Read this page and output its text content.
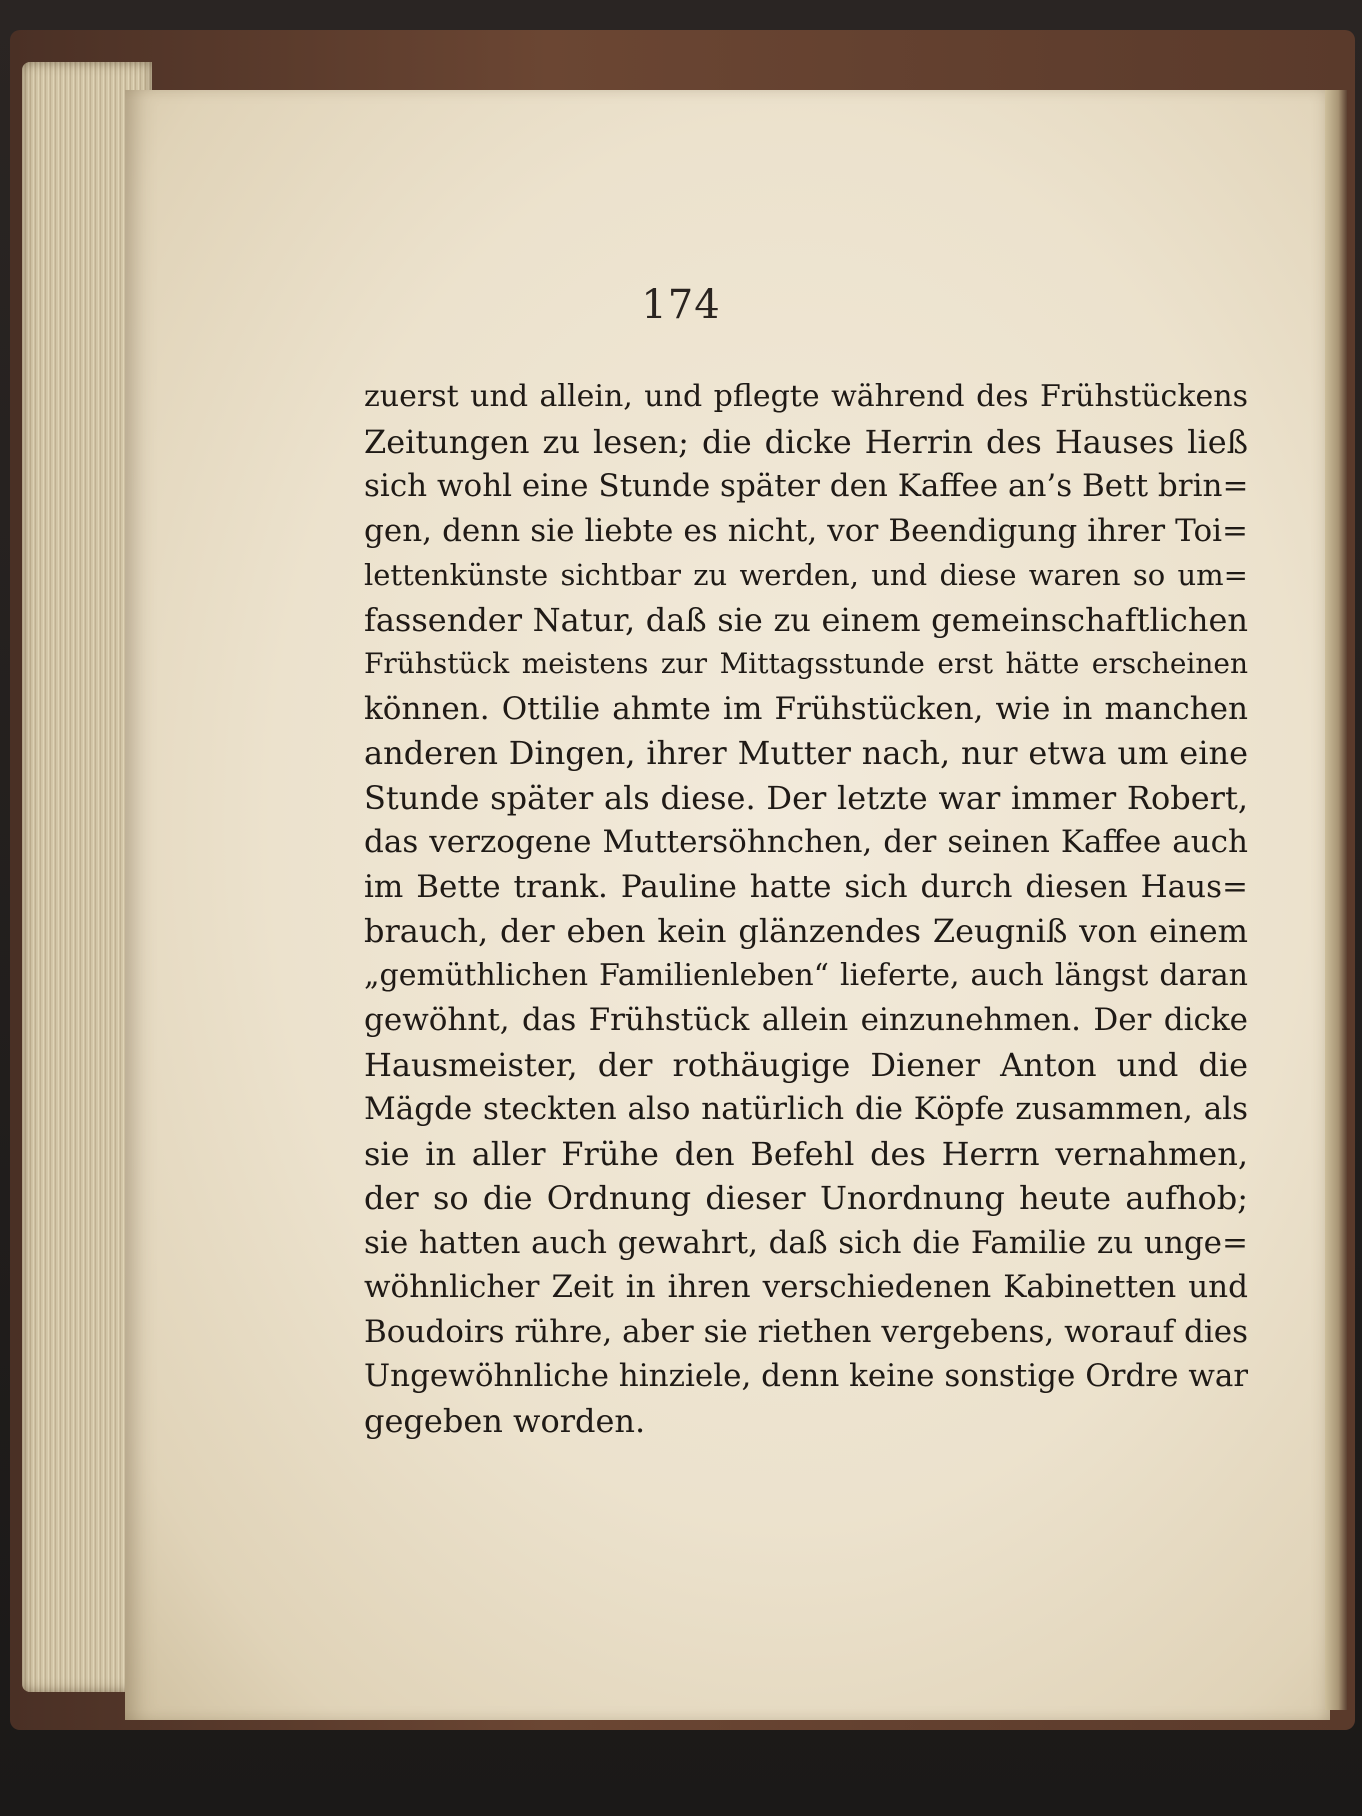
174
zuerst und allein, und pflegte während des Frühstückens
Zeitungen zu lesen; die dicke Herrin des Hauses ließ
sich wohl eine Stunde später den Kaffee an’s Bett brin=
gen, denn sie liebte es nicht, vor Beendigung ihrer Toi=
lettenkünste sichtbar zu werden, und diese waren so um=
fassender Natur, daß sie zu einem gemeinschaftlichen
Frühstück meistens zur Mittagsstunde erst hätte erscheinen
können. Ottilie ahmte im Frühstücken, wie in manchen
anderen Dingen, ihrer Mutter nach, nur etwa um eine
Stunde später als diese. Der letzte war immer Robert,
das verzogene Muttersöhnchen, der seinen Kaffee auch
im Bette trank. Pauline hatte sich durch diesen Haus=
brauch, der eben kein glänzendes Zeugniß von einem
„gemüthlichen Familienleben“ lieferte, auch längst daran
gewöhnt, das Frühstück allein einzunehmen. Der dicke
Hausmeister, der rothäugige Diener Anton und die
Mägde steckten also natürlich die Köpfe zusammen, als
sie in aller Frühe den Befehl des Herrn vernahmen,
der so die Ordnung dieser Unordnung heute aufhob;
sie hatten auch gewahrt, daß sich die Familie zu unge=
wöhnlicher Zeit in ihren verschiedenen Kabinetten und
Boudoirs rühre, aber sie riethen vergebens, worauf dies
Ungewöhnliche hinziele, denn keine sonstige Ordre war
gegeben worden.
